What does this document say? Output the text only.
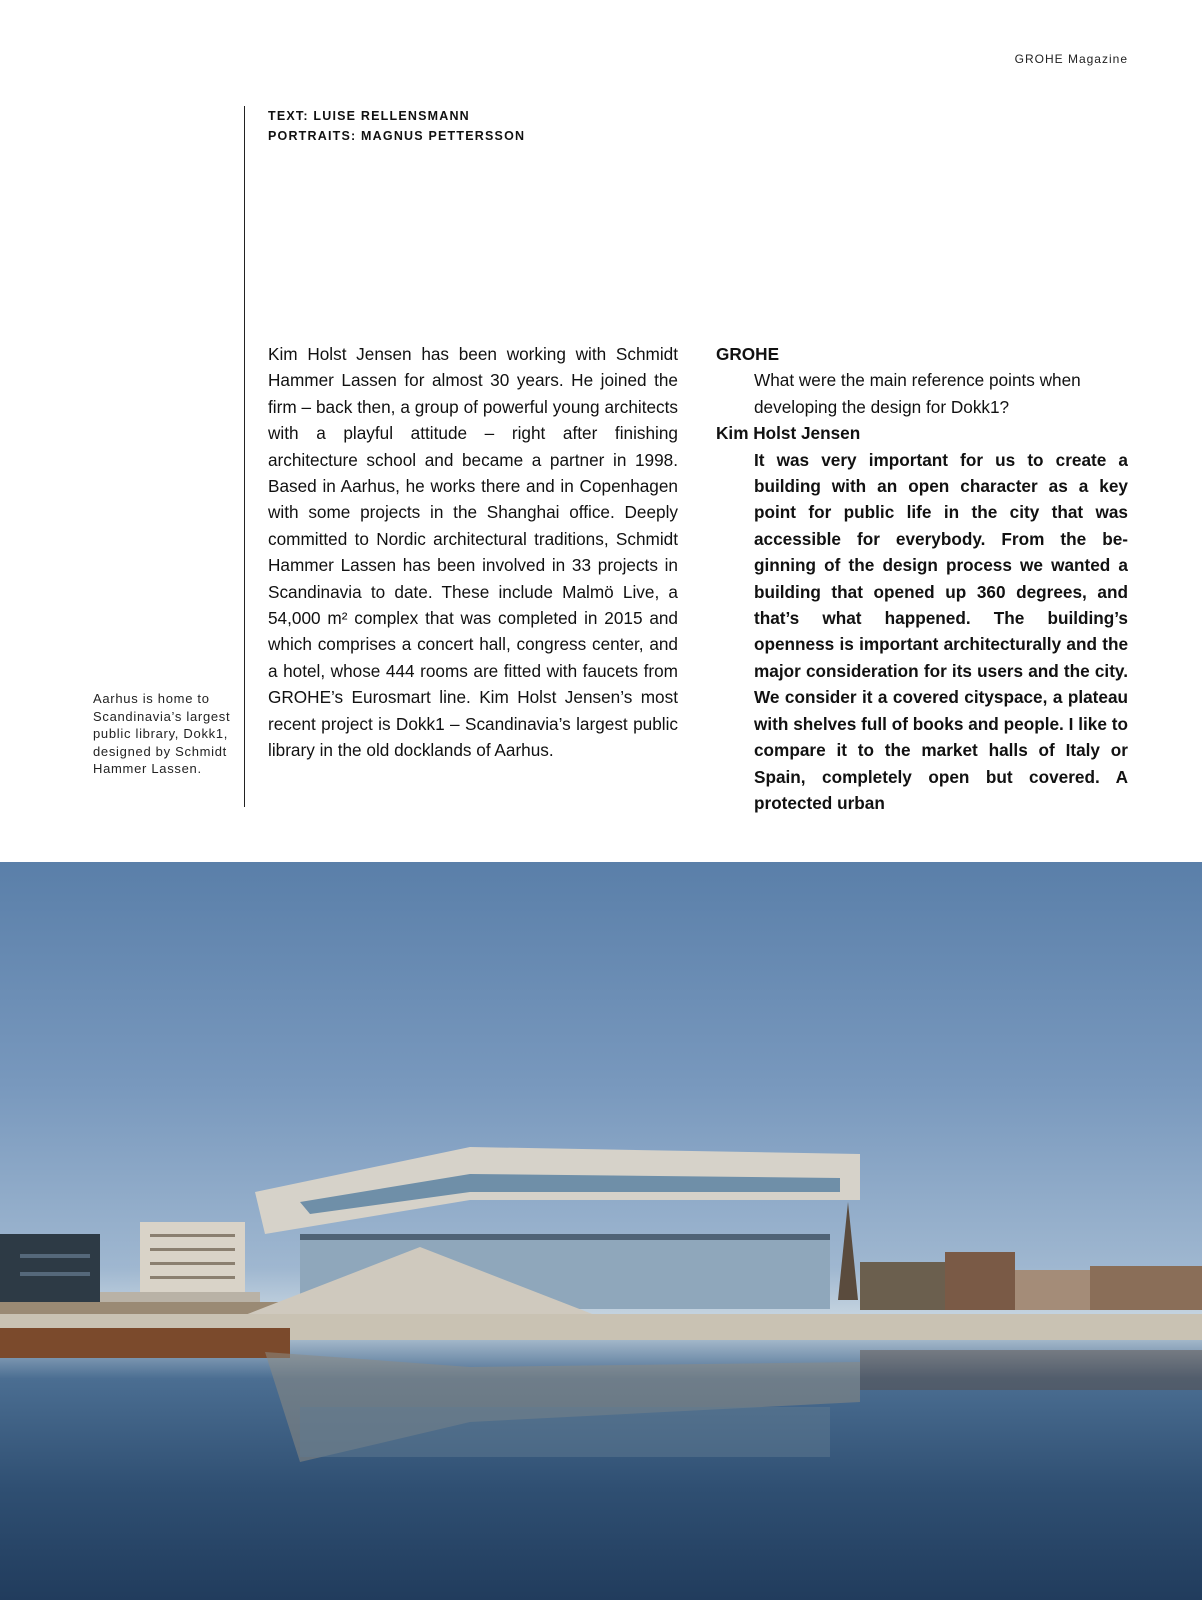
GROHE Magazine
TEXT: LUISE RELLENSMANN
PORTRAITS: MAGNUS PETTERSSON

Kim Holst Jensen has been working with Schmidt Hammer Lassen for almost 30 years. He joined the firm – back then, a group of powerful young architects with a playful attitude – right after finishing architecture school and became a partner in 1998. Based in Aarhus, he works there and in Copenhagen with some projects in the Shanghai office. Deeply committed to Nordic architectural traditions, Schmidt Hammer Lassen has been involved in 33 projects in Scandinavia to date. These include Malmö Live, a 54,000 m² complex that was completed in 2015 and which comprises a concert hall, congress center, and a hotel, whose 444 rooms are fitted with faucets from GROHE’s Eurosmart line. Kim Holst Jensen’s most recent project is Dokk1 – Scandinavia’s largest public library in the old docklands of Aarhus.

Aarhus is home to Scandinavia’s largest public library, Dokk1, designed by Schmidt Hammer Lassen.

GROHE

What were the main reference points when developing the design for Dokk1?

Kim Holst Jensen

It was very important for us to create a building with an open character as a key point for public life in the city that was accessible for everybody. From the beginning of the design process we wanted a building that opened up 360 degrees, and that’s what happened. The building’s openness is important architecturally and the major consideration for its users and the city. We consider it a covered cityspace, a plateau with shelves full of books and people. I like to compare it to the market halls of Italy or Spain, completely open but covered. A protected urban
